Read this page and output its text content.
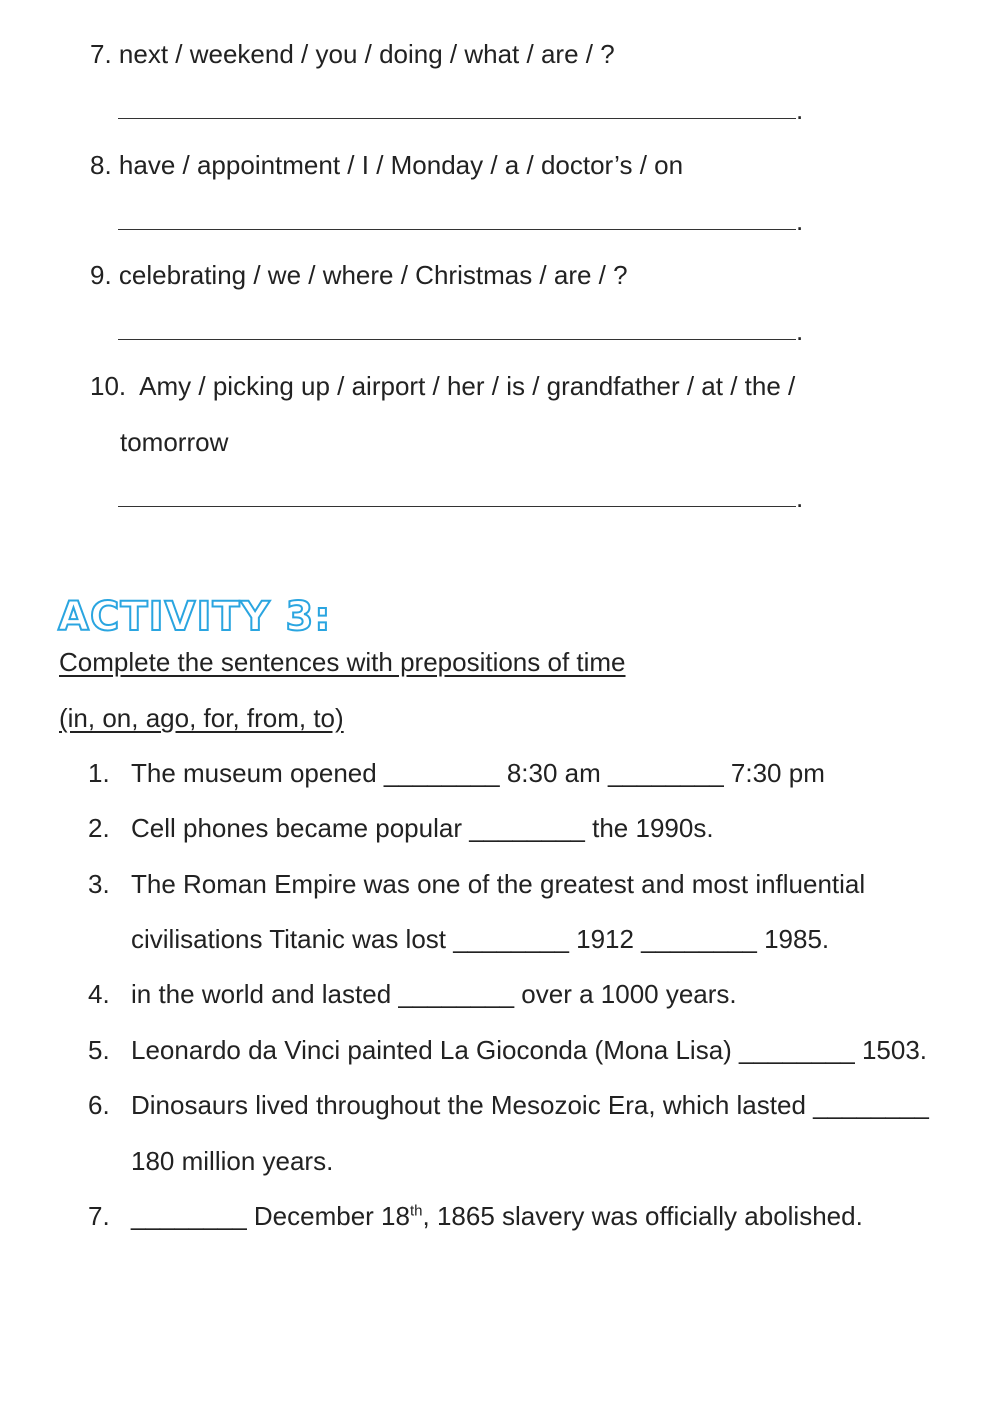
7. next / weekend / you / doing / what / are / ?
.
8. have / appointment / I / Monday / a / doctor’s / on
.
9. celebrating / we / where / Christmas / are / ?
.
10. Amy / picking up / airport / her / is / grandfather / at / the /
tomorrow
.
ACTIVITY 3:
Complete the sentences with prepositions of time
(in, on, ago, for, from, to)
1. The museum opened ________ 8:30 am ________ 7:30 pm
2. Cell phones became popular ________ the 1990s.
3. The Roman Empire was one of the greatest and most influential
civilisations Titanic was lost ________ 1912 ________ 1985.
4. in the world and lasted ________ over a 1000 years.
5. Leonardo da Vinci painted La Gioconda (Mona Lisa) ________ 1503.
6. Dinosaurs lived throughout the Mesozoic Era, which lasted ________
180 million years.
7. ________ December 18th, 1865 slavery was officially abolished.
